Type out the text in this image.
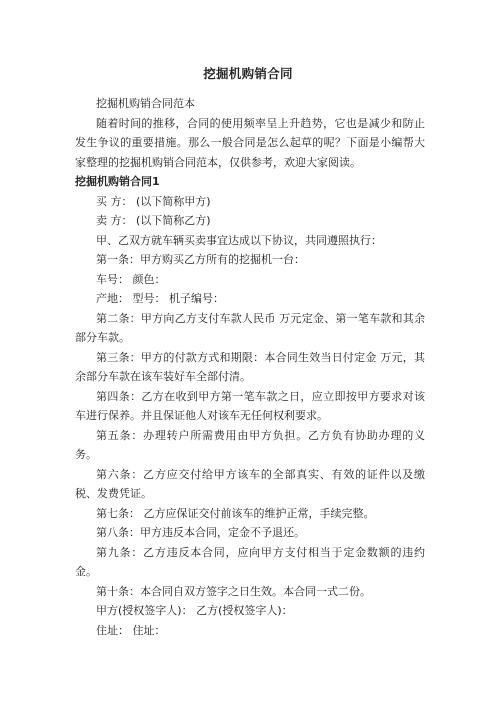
挖掘机购销合同

挖掘机购销合同范本

随着时间的推移，合同的使用频率呈上升趋势，它也是减少和防止发生争议的重要措施。那么一般合同是怎么起草的呢？下面是小编帮大家整理的挖掘机购销合同范本，仅供参考，欢迎大家阅读。

挖掘机购销合同1

买 方： (以下简称甲方)

卖 方： (以下简称乙方)

甲、乙双方就车辆买卖事宜达成以下协议，共同遵照执行：

第一条：甲方购买乙方所有的挖掘机一台：

车号： 颜色：

产地： 型号： 机子编号：

第二条：甲方向乙方支付车款人民币 万元定金、第一笔车款和其余部分车款。

第三条：甲方的付款方式和期限：本合同生效当日付定金 万元，其余部分车款在该车装好车全部付清。

第四条：乙方在收到甲方第一笔车款之日，应立即按甲方要求对该车进行保养。并且保证他人对该车无任何权利要求。

第五条：办理转户所需费用由甲方负担。乙方负有协助办理的义务。

第六条：乙方应交付给甲方该车的全部真实、有效的证件以及缴税、发费凭证。

第七条： 乙方应保证交付前该车的维护正常，手续完整。

第八条：甲方违反本合同，定金不予退还。

第九条：乙方违反本合同，应向甲方支付相当于定金数额的违约金。

第十条：本合同自双方签字之日生效。本合同一式二份。

甲方(授权签字人)： 乙方(授权签字人)：

住址： 住址：
